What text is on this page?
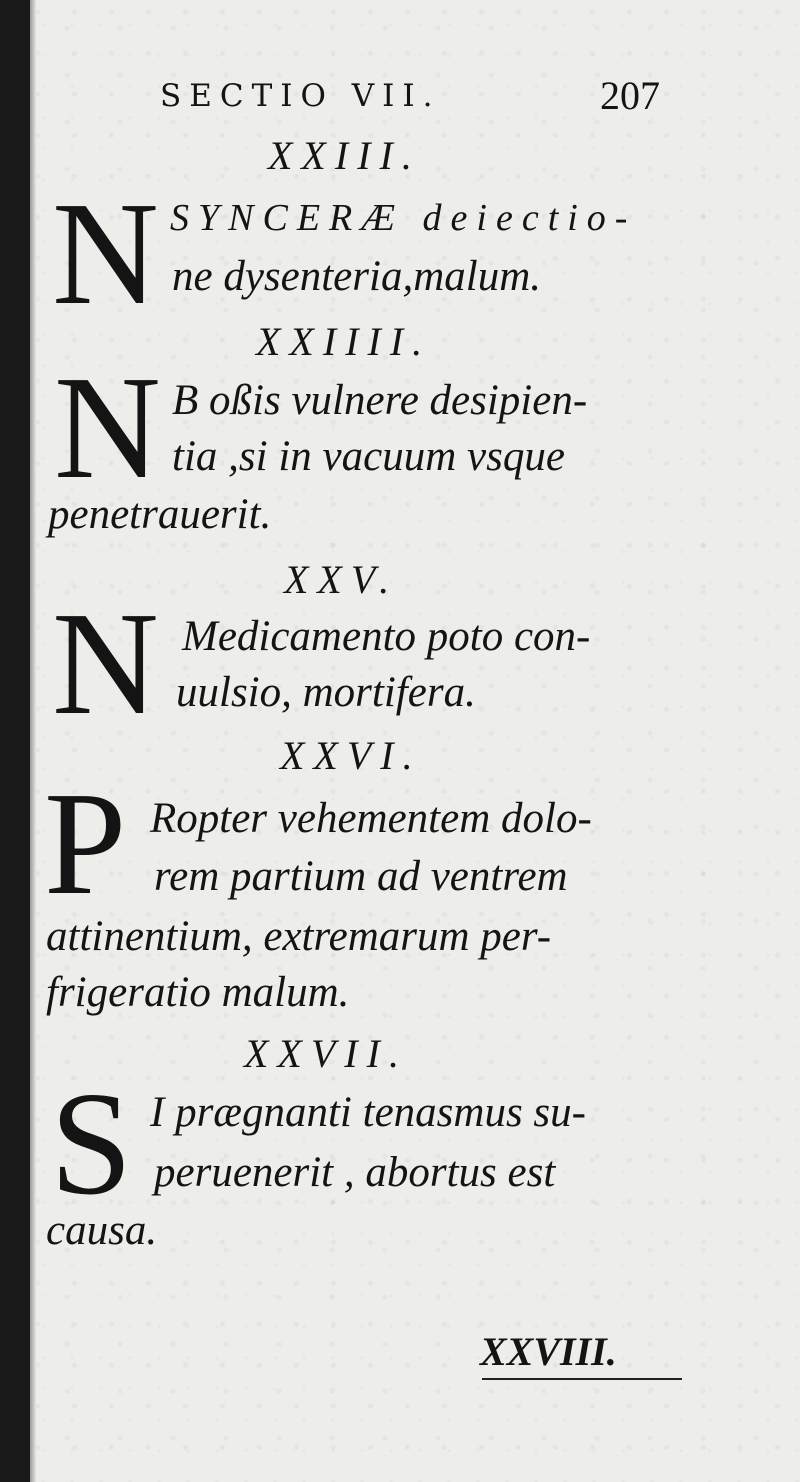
SECTIO VII.	207
XXIII.
N SYNCERÆ deiectio-
ne dysenteria,malum.
XXIIII.
N B oßis vulnere desipien-
tia ,si in vacuum vsque
penetrauerit.
XXV.
N Medicamento poto con-
uulsio, mortifera.
XXVI.
P Ropter vehementem dolo-
rem partium ad ventrem
attinentium, extremarum per-
frigeratio malum.
XXVII.
S I prægnanti tenasmus su-
peruenerit , abortus est
causa.
XXVIII.
